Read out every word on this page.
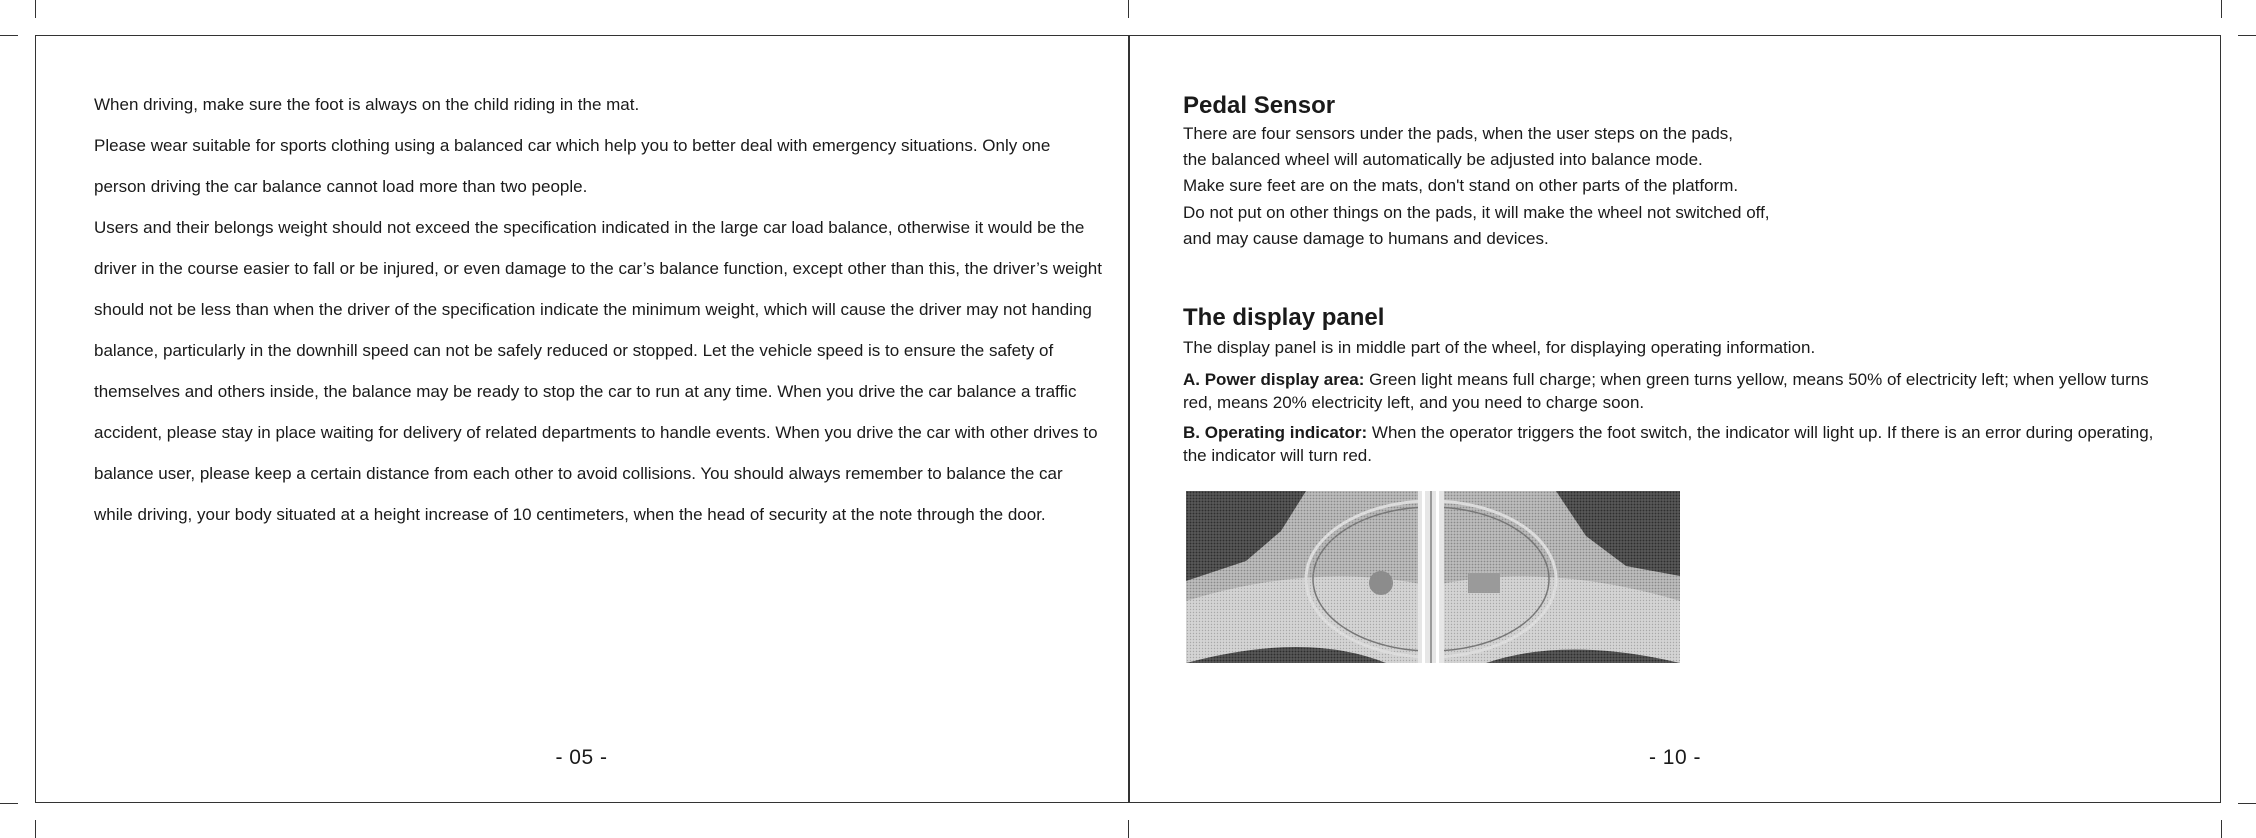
When driving, make sure the foot is always on the child riding in the mat.

Please wear suitable for sports clothing using a balanced car which help you to better deal with emergency situations. Only one person driving the car balance cannot load more than two people.

Users and their belongs weight should not exceed the specification indicated in the large car load balance, otherwise it would be the driver in the course easier to fall or be injured, or even damage to the car’s balance function, except other than this, the driver’s weight should not be less than when the driver of the specification indicate the minimum weight, which will cause the driver may not handing balance, particularly in the downhill speed can not be safely reduced or stopped. Let the vehicle speed is to ensure the safety of themselves and others inside, the balance may be ready to stop the car to run at any time. When you drive the car balance a traffic accident, please stay in place waiting for delivery of related departments to handle events. When you drive the car with other drives to balance user, please keep a certain distance from each other to avoid collisions. You should always remember to balance the car while driving, your body situated at a height increase of 10 centimeters, when the head of security at the note through the door.

- 05 -
Pedal Sensor

There are four sensors under the pads, when the user steps on the pads,

the balanced wheel will automatically be adjusted into balance mode.

Make sure feet are on the mats, don't stand on other parts of the platform.

Do not put on other things on the pads, it will make the wheel not switched off,

and may cause damage to humans and devices.

The display panel

The display panel is in middle part of the wheel, for displaying operating information.

A. Power display area: Green light means full charge; when green turns yellow, means 50% of electricity left; when yellow turns red, means 20% electricity left, and you need to charge soon.

B. Operating indicator: When the operator triggers the foot switch, the indicator will light up. If there is an error during operating, the indicator will turn red.

- 10 -
